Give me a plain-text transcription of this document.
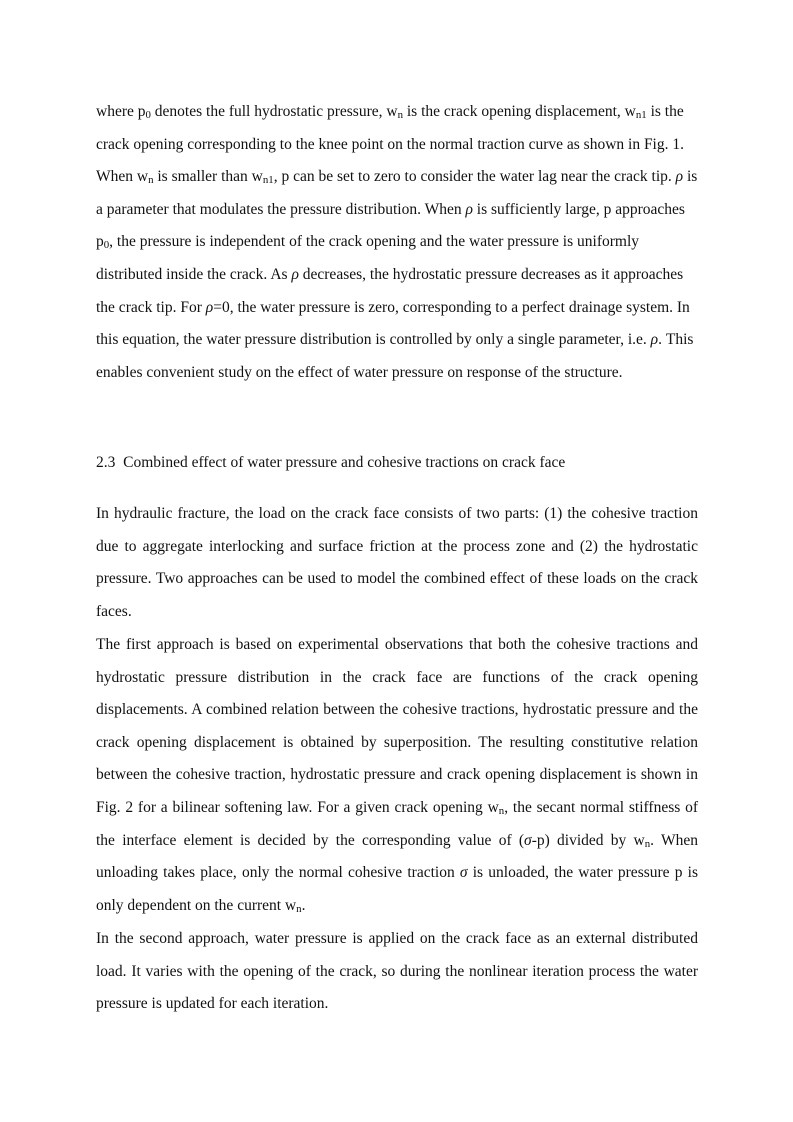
where $p_0$ denotes the full hydrostatic pressure, $w_n$ is the crack opening displacement, $w_{n1}$ is the crack opening corresponding to the knee point on the normal traction curve as shown in Fig. 1. When $w_n$ is smaller than $w_{n1}$, p can be set to zero to consider the water lag near the crack tip. ρ is a parameter that modulates the pressure distribution. When ρ is sufficiently large, p approaches $p_0$, the pressure is independent of the crack opening and the water pressure is uniformly distributed inside the crack. As ρ decreases, the hydrostatic pressure decreases as it approaches the crack tip. For ρ=0, the water pressure is zero, corresponding to a perfect drainage system. In this equation, the water pressure distribution is controlled by only a single parameter, i.e. ρ. This enables convenient study on the effect of water pressure on response of the structure.

2.3 Combined effect of water pressure and cohesive tractions on crack face

In hydraulic fracture, the load on the crack face consists of two parts: (1) the cohesive traction due to aggregate interlocking and surface friction at the process zone and (2) the hydrostatic pressure. Two approaches can be used to model the combined effect of these loads on the crack faces.

The first approach is based on experimental observations that both the cohesive tractions and hydrostatic pressure distribution in the crack face are functions of the crack opening displacements. A combined relation between the cohesive tractions, hydrostatic pressure and the crack opening displacement is obtained by superposition. The resulting constitutive relation between the cohesive traction, hydrostatic pressure and crack opening displacement is shown in Fig. 2 for a bilinear softening law. For a given crack opening $w_n$, the secant normal stiffness of the interface element is decided by the corresponding value of (σ-p) divided by $w_n$. When unloading takes place, only the normal cohesive traction σ is unloaded, the water pressure p is only dependent on the current $w_n$.

In the second approach, water pressure is applied on the crack face as an external distributed load. It varies with the opening of the crack, so during the nonlinear iteration process the water pressure is updated for each iteration.
